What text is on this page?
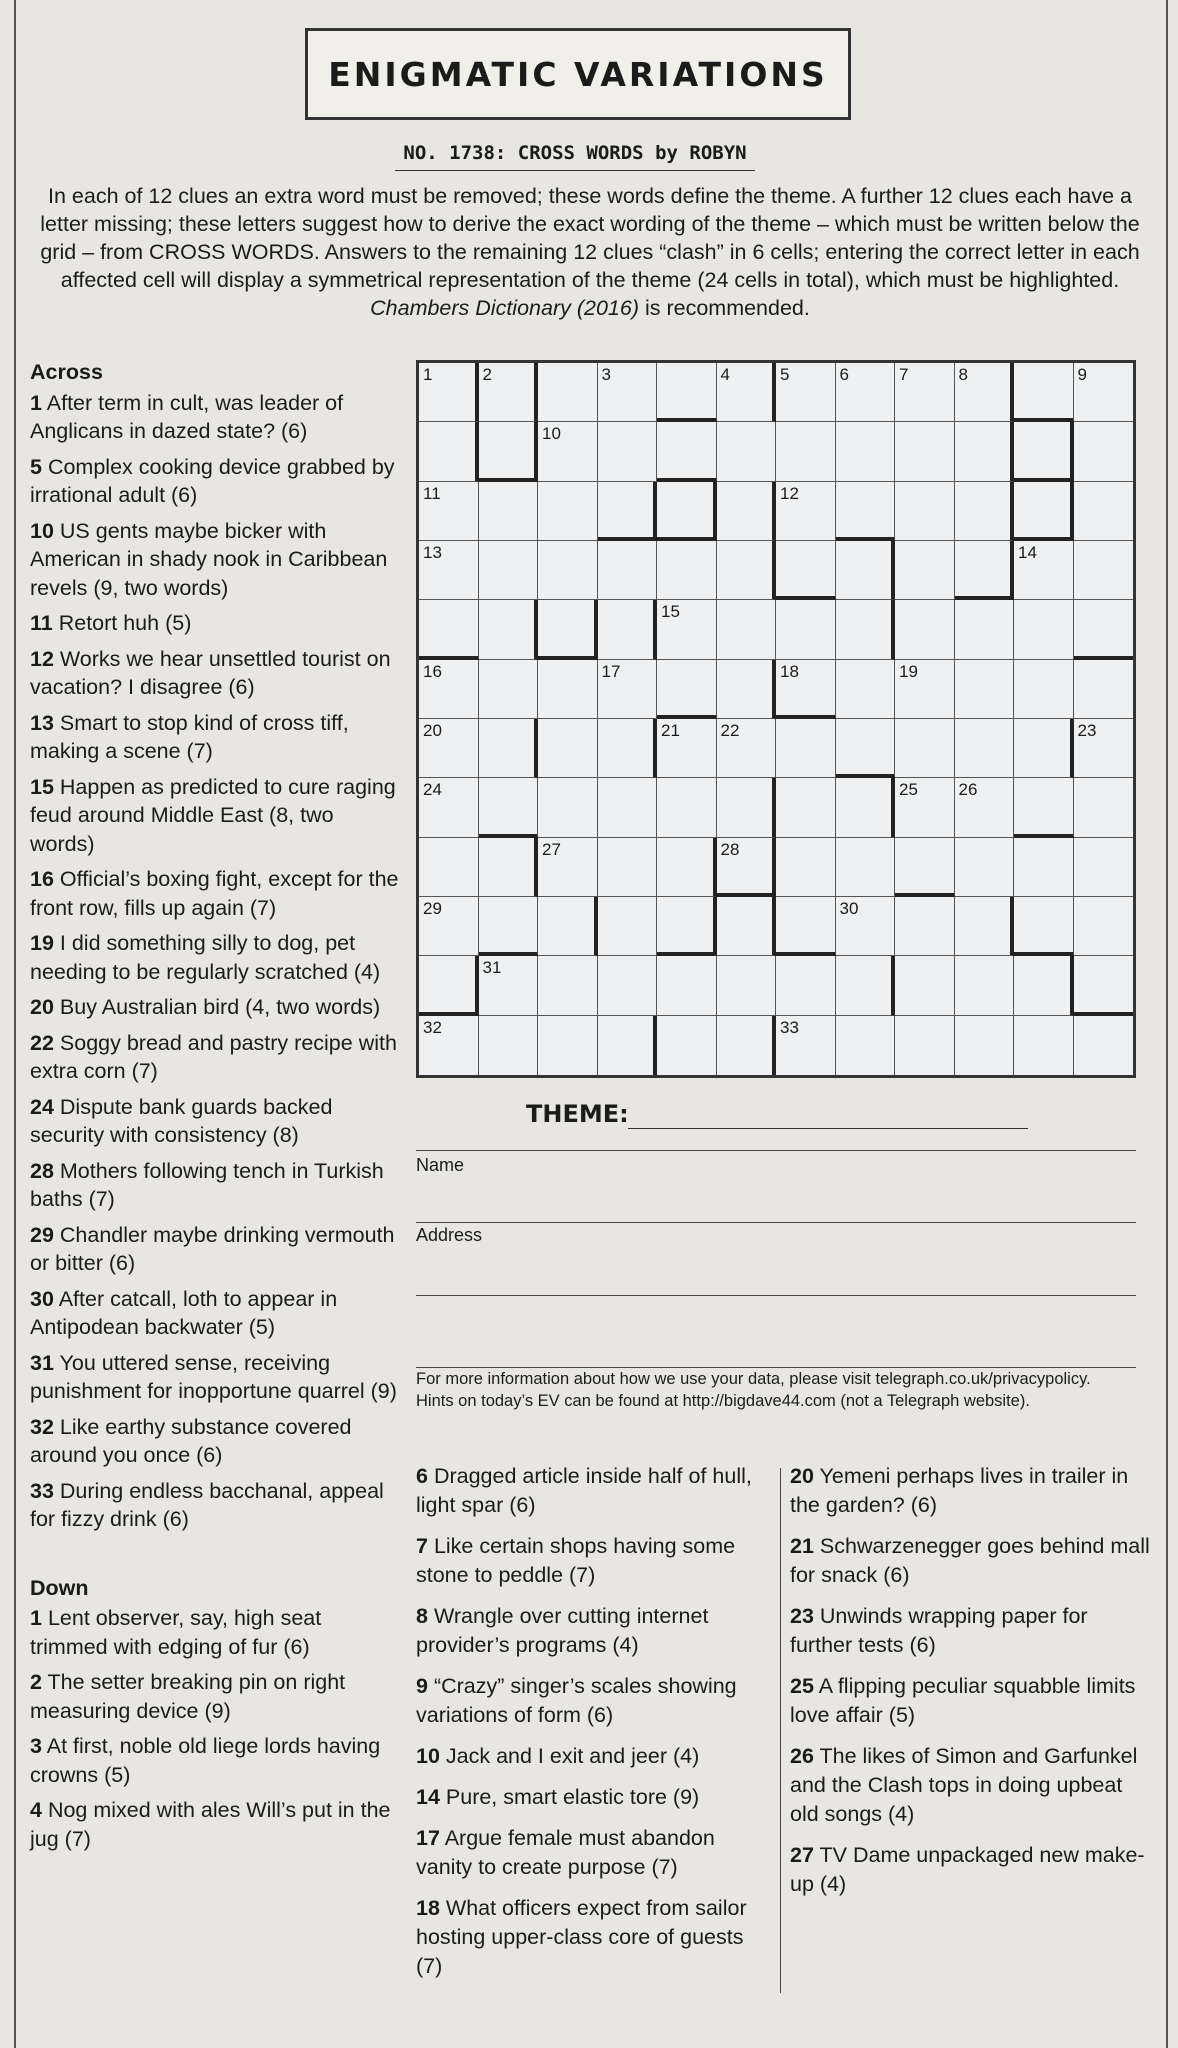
ENIGMATIC VARIATIONS
NO. 1738: CROSS WORDS by ROBYN
In each of 12 clues an extra word must be removed; these words define the theme. A further 12 clues each have a letter missing; these letters suggest how to derive the exact wording of the theme – which must be written below the grid – from CROSS WORDS. Answers to the remaining 12 clues “clash” in 6 cells; entering the correct letter in each affected cell will display a symmetrical representation of the theme (24 cells in total), which must be highlighted. Chambers Dictionary (2016) is recommended.
Across
1 After term in cult, was leader of Anglicans in dazed state? (6)
5 Complex cooking device grabbed by irrational adult (6)
10 US gents maybe bicker with American in shady nook in Caribbean revels (9, two words)
11 Retort huh (5)
12 Works we hear unsettled tourist on vacation? I disagree (6)
13 Smart to stop kind of cross tiff, making a scene (7)
15 Happen as predicted to cure raging feud around Middle East (8, two words)
16 Official’s boxing fight, except for the front row, fills up again (7)
19 I did something silly to dog, pet needing to be regularly scratched (4)
20 Buy Australian bird (4, two words)
22 Soggy bread and pastry recipe with extra corn (7)
24 Dispute bank guards backed security with consistency (8)
28 Mothers following tench in Turkish baths (7)
29 Chandler maybe drinking vermouth or bitter (6)
30 After catcall, loth to appear in Antipodean backwater (5)
31 You uttered sense, receiving punishment for inopportune quarrel (9)
32 Like earthy substance covered around you once (6)
33 During endless bacchanal, appeal for fizzy drink (6)
Down
1 Lent observer, say, high seat trimmed with edging of fur (6)
2 The setter breaking pin on right measuring device (9)
3 At first, noble old liege lords having crowns (5)
4 Nog mixed with ales Will’s put in the jug (7)
1	2	3	4	5	6	7	8	9
10
11	12
13	14
15
16	17	18	19
20	21 22	23
24	25 26
27	28
29	30
31
32	33
THEME:
Name
Address
For more information about how we use your data, please visit telegraph.co.uk/privacypolicy.
Hints on today’s EV can be found at http://bigdave44.com (not a Telegraph website).
6 Dragged article inside half of hull, light spar (6)
7 Like certain shops having some stone to peddle (7)
8 Wrangle over cutting internet provider’s programs (4)
9 “Crazy” singer’s scales showing variations of form (6)
10 Jack and I exit and jeer (4)
14 Pure, smart elastic tore (9)
17 Argue female must abandon vanity to create purpose (7)
18 What officers expect from sailor hosting upper-class core of guests (7)
20 Yemeni perhaps lives in trailer in the garden? (6)
21 Schwarzenegger goes behind mall for snack (6)
23 Unwinds wrapping paper for further tests (6)
25 A flipping peculiar squabble limits love affair (5)
26 The likes of Simon and Garfunkel and the Clash tops in doing upbeat old songs (4)
27 TV Dame unpackaged new make-up (4)
